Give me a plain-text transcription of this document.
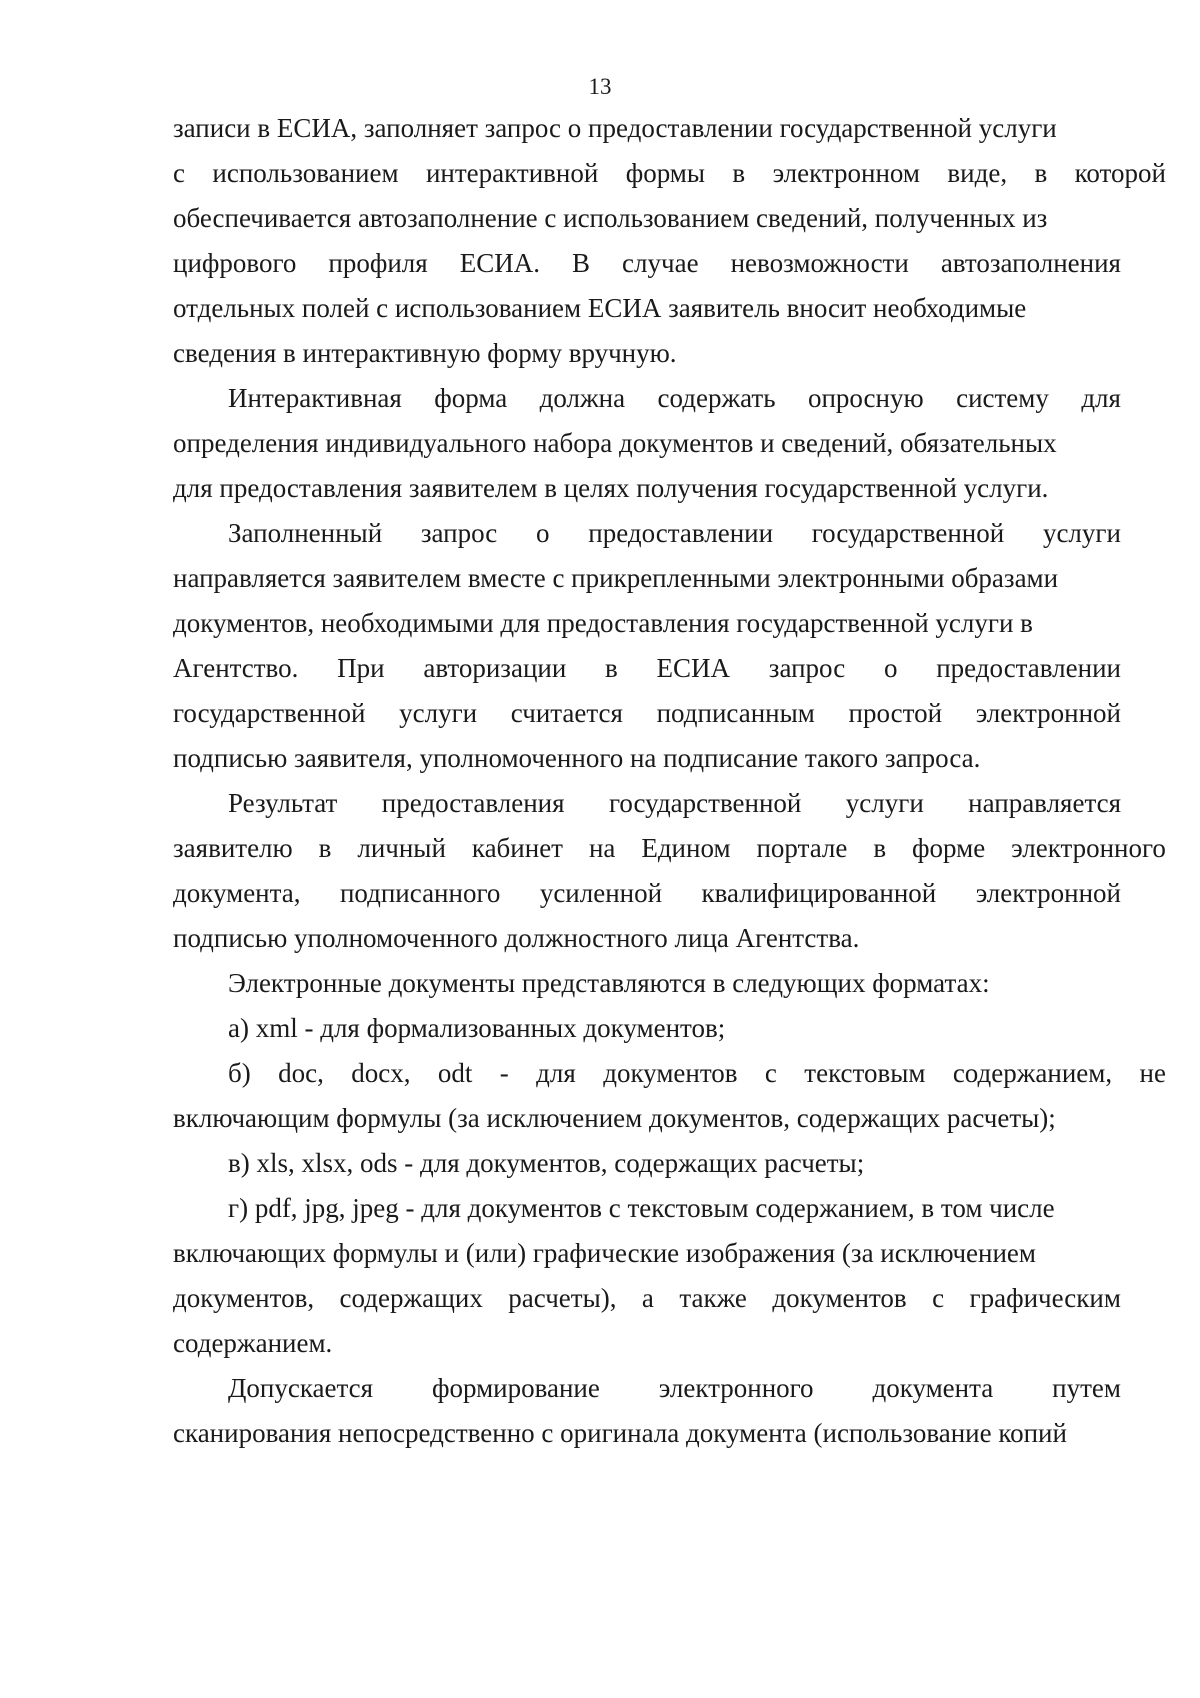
13
записи в ЕСИА, заполняет запрос о предоставлении государственной услуги
с использованием интерактивной формы в электронном виде, в которой
обеспечивается автозаполнение с использованием сведений, полученных из
цифрового профиля ЕСИА. В случае невозможности автозаполнения
отдельных полей с использованием ЕСИА заявитель вносит необходимые
сведения в интерактивную форму вручную.
Интерактивная форма должна содержать опросную систему для
определения индивидуального набора документов и сведений, обязательных
для предоставления заявителем в целях получения государственной услуги.
Заполненный запрос о предоставлении государственной услуги
направляется заявителем вместе с прикрепленными электронными образами
документов, необходимыми для предоставления государственной услуги в
Агентство. При авторизации в ЕСИА запрос о предоставлении
государственной услуги считается подписанным простой электронной
подписью заявителя, уполномоченного на подписание такого запроса.
Результат предоставления государственной услуги направляется
заявителю в личный кабинет на Едином портале в форме электронного
документа, подписанного усиленной квалифицированной электронной
подписью уполномоченного должностного лица Агентства.
Электронные документы представляются в следующих форматах:
а) xml - для формализованных документов;
б) doc, docx, odt - для документов с текстовым содержанием, не
включающим формулы (за исключением документов, содержащих расчеты);
в) xls, xlsx, ods - для документов, содержащих расчеты;
г) pdf, jpg, jpeg - для документов с текстовым содержанием, в том числе
включающих формулы и (или) графические изображения (за исключением
документов, содержащих расчеты), а также документов с графическим
содержанием.
Допускается формирование электронного документа путем
сканирования непосредственно с оригинала документа (использование копий
